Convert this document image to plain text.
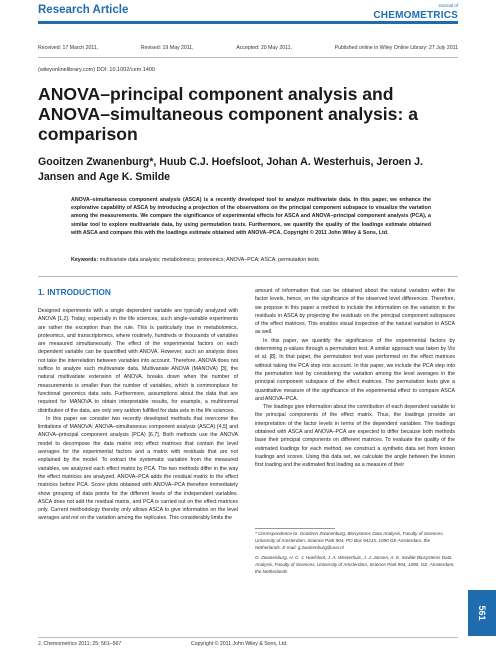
Research Article	Journal of
CHEMOMETRICS
Received: 17 March 2011,	Revised: 19 May 2011,	Accepted: 20 May 2011,	Published online in Wiley Online Library: 27 July 2011
(wileyonlinelibrary.com) DOI: 10.1002/cem.1400
ANOVA–principal component analysis and ANOVA–simultaneous component analysis: a comparison
Gooitzen Zwanenburg*, Huub C.J. Hoefsloot, Johan A. Westerhuis, Jeroen J. Jansen and Age K. Smilde
ANOVA–simultaneous component analysis (ASCA) is a recently developed tool to analyze multivariate data. In this paper, we enhance the explorative capability of ASCA by introducing a projection of the observations on the principal component subspace to visualize the variation among the measurements. We compare the significance of experimental effects for ASCA and ANOVA–principal component analysis (PCA), a similar tool to explore multivariate data, by using permutation tests. Furthermore, we quantify the quality of the loadings estimate obtained with ASCA and compare this with the loadings estimate obtained with ANOVA–PCA. Copyright © 2011 John Wiley & Sons, Ltd.
Keywords: multivariate data analysis; metabolomics; proteomics; ANOVA–PCA; ASCA; permutation tests
1. INTRODUCTION

Designed experiments with a single dependent variable are typically analyzed with ANOVA [1,2]. Today, especially in the life sciences, such single-variable experiments are rather the exception than the rule. This is particularly true in metabolomics, proteomics, and transcriptomics, where routinely, hundreds or thousands of variables are measured simultaneously. The effect of the experimental factors on each dependent variable can be quantified with ANOVA. However, such an analysis does not take the interrelation between variables into account. Therefore, ANOVA does not suffice to analyze such multivariate data. Multivariate ANOVA (MANOVA) [3], the natural multivariate extension of ANOVA, breaks down when the number of measurements is smaller than the number of variables, which is commonplace for functional genomics data sets. Furthermore, assumptions about the data that are required for MANOVA to obtain interpretable results, for example, a multinormal distribution of the data, are only very seldom fulfilled for data sets in the life sciences.

In this paper we consider two recently developed methods that overcome the limitations of MANOVA: ANOVA–simultaneous component analysis (ASCA) [4,5] and ANOVA–principal component analysis (PCA) [6,7]. Both methods use the ANOVA model to decompose the data matrix into effect matrices that contain the level averages for the experimental factors and a matrix with residuals that are not explained by the model. To extract the systematic variation from the measured variables, we analyzed each effect matrix by PCA. The two methods differ in the way the effect matrices are analyzed. ANOVA–PCA adds the residual matrix to the effect matrices before PCA. Score plots obtained with ANOVA–PCA therefore immediately show grouping of data points for the different levels of the independent variables. ASCA does not add the residual matrix, and PCA is carried out on the effect matrices only. Current methodology thereby only allows ASCA to give information on the level averages and not on the variation among the replicates. This considerably limits the

amount of information that can be obtained about the natural variation within the factor levels, hence, on the significance of the observed level differences. Therefore, we propose in this paper a method to include the information on the variation in the residuals in ASCA by projecting the residuals on the principal component subspaces of the effect matrices. This enables visual inspection of the natural variation in ASCA as well.

In this paper, we quantify the significance of the experimental factors by determining p-values through a permutation test. A similar approach was taken by Vis et al. [8]. In that paper, the permutation test was performed on the effect matrices without taking the PCA step into account. In this paper, we include the PCA step into the permutation test by considering the variation among the level averages in the principal component subspace of the effect matrices. The permutation tests give a quantitative measure of the significance of the experimental effect to compare ASCA and ANOVA–PCA.

The loadings give information about the contribution of each dependent variable to the principal components of the effect matrix. Thus, the loadings provide an interpretation of the factor levels in terms of the dependent variables. The loadings obtained with ASCA and ANOVA–PCA are expected to differ because both methods base their principal components on different matrices. To evaluate the quality of the estimated loadings for each method, we construct a synthetic data set from known loadings and scores. Using this data set, we calculate the angle between the known first loading and the estimated first loading as a measure of their

* Correspondence to: Gooitzen Zwanenburg, Biosystems Data Analysis, Faculty of Sciences, University of Amsterdam, Science Park 904, PO Box 94215, 1090 GE Amsterdam, the Netherlands. E-mail: g.zwanenburg@uva.nl

G. Zwanenburg, H. C. J. Hoefsloot, J. A. Westerhuis, J. J. Jansen, A. K. Smilde Biosystems Data Analysis, Faculty of Sciences, University of Amsterdam, Science Park 904, 1090, GE, Amsterdam, the Netherlands

J. Chemometrics 2011; 25: 561–567	Copyright © 2011 John Wiley & Sons, Ltd.
561
